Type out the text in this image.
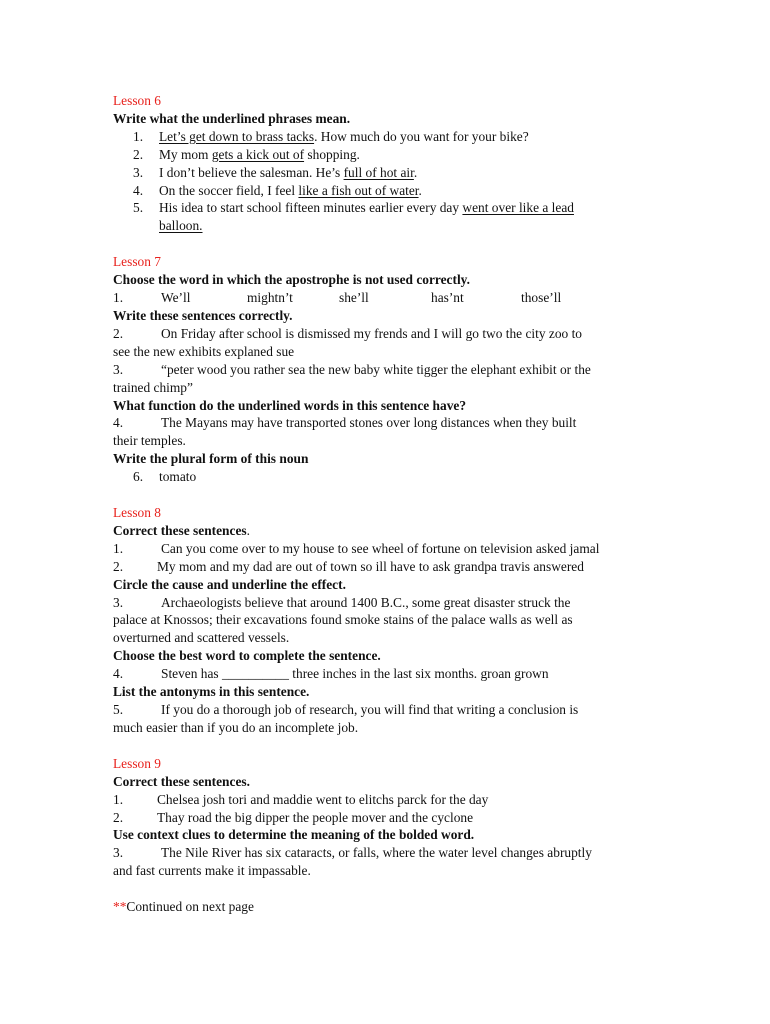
Lesson 6
Write what the underlined phrases mean.
1. Let’s get down to brass tacks. How much do you want for your bike?
2. My mom gets a kick out of shopping.
3. I don’t believe the salesman. He’s full of hot air.
4. On the soccer field, I feel like a fish out of water.
5. His idea to start school fifteen minutes earlier every day went over like a lead
balloon.
Lesson 7
Choose the word in which the apostrophe is not used correctly.
1.	We’ll	mightn’t	she’ll	has’nt	those’ll
Write these sentences correctly.
2.	On Friday after school is dismissed my frends and I will go two the city zoo to
see the new exhibits explaned sue
3.	“peter wood you rather sea the new baby white tigger the elephant exhibit or the
trained chimp”
What function do the underlined words in this sentence have?
4.	The Mayans may have transported stones over long distances when they built
their temples.
Write the plural form of this noun
6. tomato
Lesson 8
Correct these sentences.
1.	Can you come over to my house to see wheel of fortune on television asked jamal
2.	My mom and my dad are out of town so ill have to ask grandpa travis answered
Circle the cause and underline the effect.
3.	Archaeologists believe that around 1400 B.C., some great disaster struck the
palace at Knossos; their excavations found smoke stains of the palace walls as well as
overturned and scattered vessels.
Choose the best word to complete the sentence.
4.	Steven has __________ three inches in the last six months. groan grown
List the antonyms in this sentence.
5.	If you do a thorough job of research, you will find that writing a conclusion is
much easier than if you do an incomplete job.
Lesson 9
Correct these sentences.
1.	Chelsea josh tori and maddie went to elitchs parck for the day
2.	Thay road the big dipper the people mover and the cyclone
Use context clues to determine the meaning of the bolded word.
3.	The Nile River has six cataracts, or falls, where the water level changes abruptly
and fast currents make it impassable.
**Continued on next page
